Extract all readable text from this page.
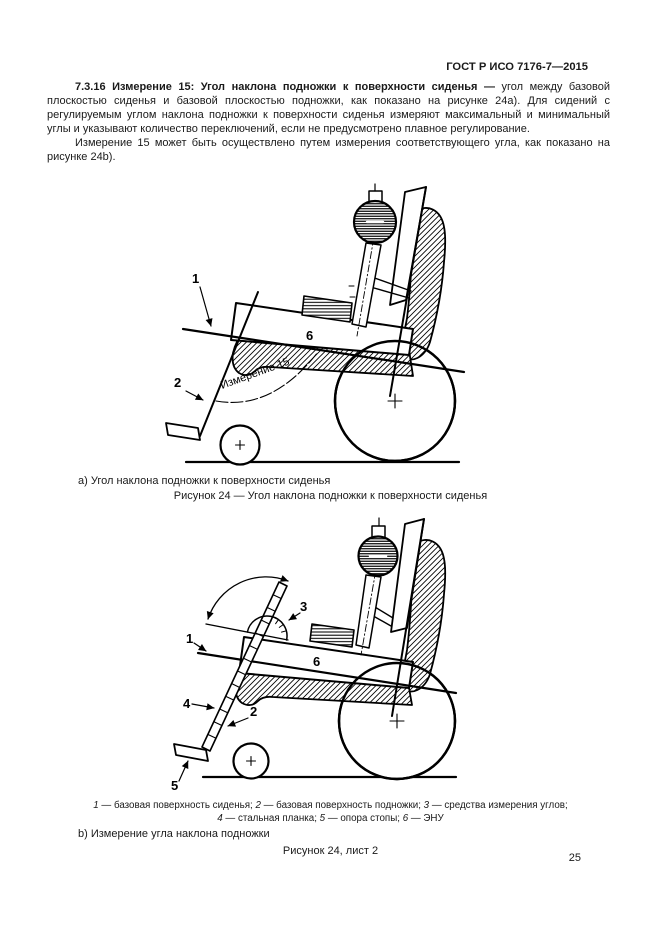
ГОСТ Р ИСО 7176-7—2015

7.3.16 Измерение 15: Угол наклона подножки к поверхности сиденья — угол между базовой плоскостью сиденья и базовой плоскостью подножки, как показано на рисунке 24а). Для сидений с регулируемым углом наклона подножки к поверхности сиденья измеряют максимальный и минимальный углы и указывают количество переключений, если не предусмотрено плавное регулирование.

Измерение 15 может быть осуществлено путем измерения соответствующего угла, как показано на рисунке 24b).

Измерение 15
1
2
6
а) Угол наклона подножки к поверхности сиденья
Рисунок 24 — Угол наклона подножки к поверхности сиденья
1
3
4
2
5
6
1 — базовая поверхность сиденья; 2 — базовая поверхность подножки; 3 — средства измерения углов;
4 — стальная планка; 5 — опора стопы; 6 — ЭНУ
b) Измерение угла наклона подножки
Рисунок 24, лист 2
25
